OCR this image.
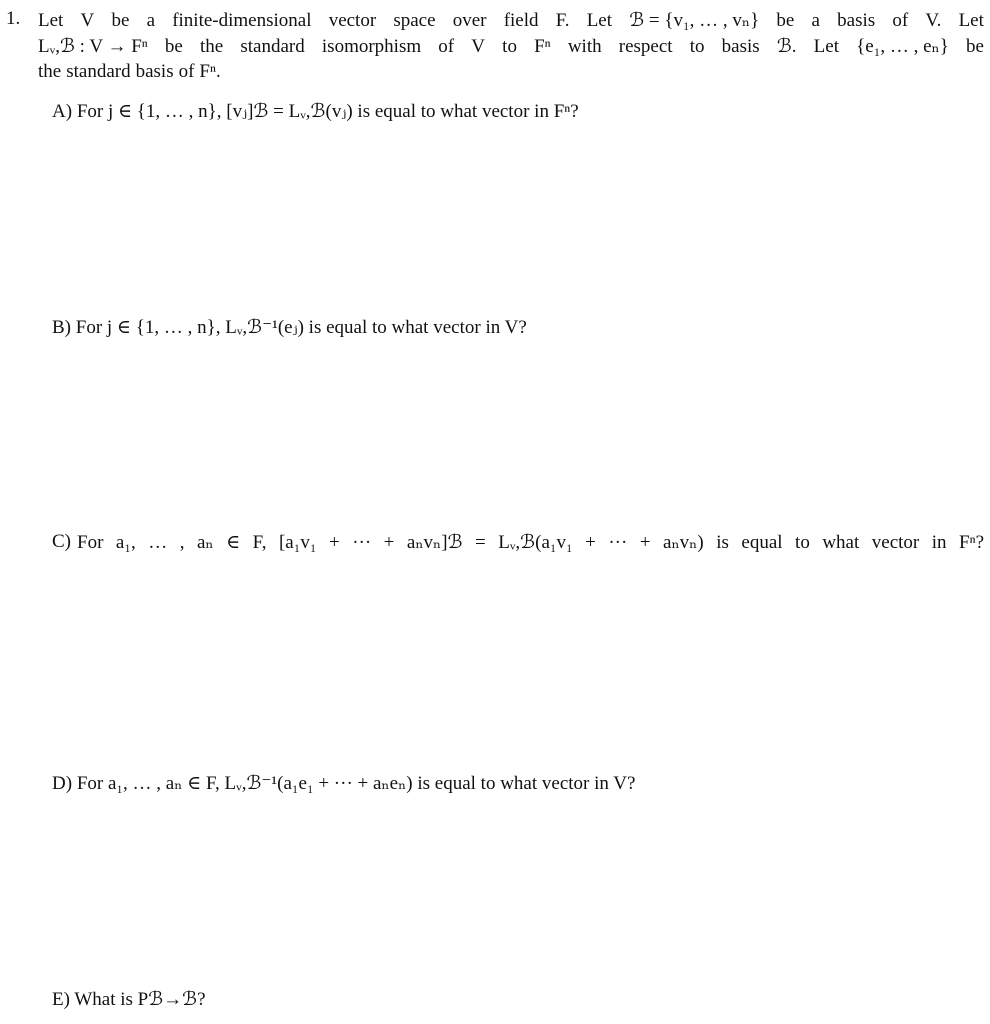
1. Let V be a finite-dimensional vector space over field F. Let ℬ = {v₁, … , vₙ} be a basis of V. Let
Lᵥ,ℬ : V → Fⁿ be the standard isomorphism of V to Fⁿ with respect to basis ℬ. Let {e₁, … , eₙ} be
the standard basis of Fⁿ.
A) For j ∈ {1, … , n}, [vⱼ]ℬ = Lᵥ,ℬ(vⱼ) is equal to what vector in Fⁿ?
B) For j ∈ {1, … , n}, Lᵥ,ℬ⁻¹(eⱼ) is equal to what vector in V?
C) For a₁, … , aₙ ∈ F, [a₁v₁ + ··· + aₙvₙ]ℬ = Lᵥ,ℬ(a₁v₁ + ··· + aₙvₙ) is equal to what vector in Fⁿ?
D) For a₁, … , aₙ ∈ F, Lᵥ,ℬ⁻¹(a₁e₁ + ··· + aₙeₙ) is equal to what vector in V?
E) What is Pℬ→ℬ?
